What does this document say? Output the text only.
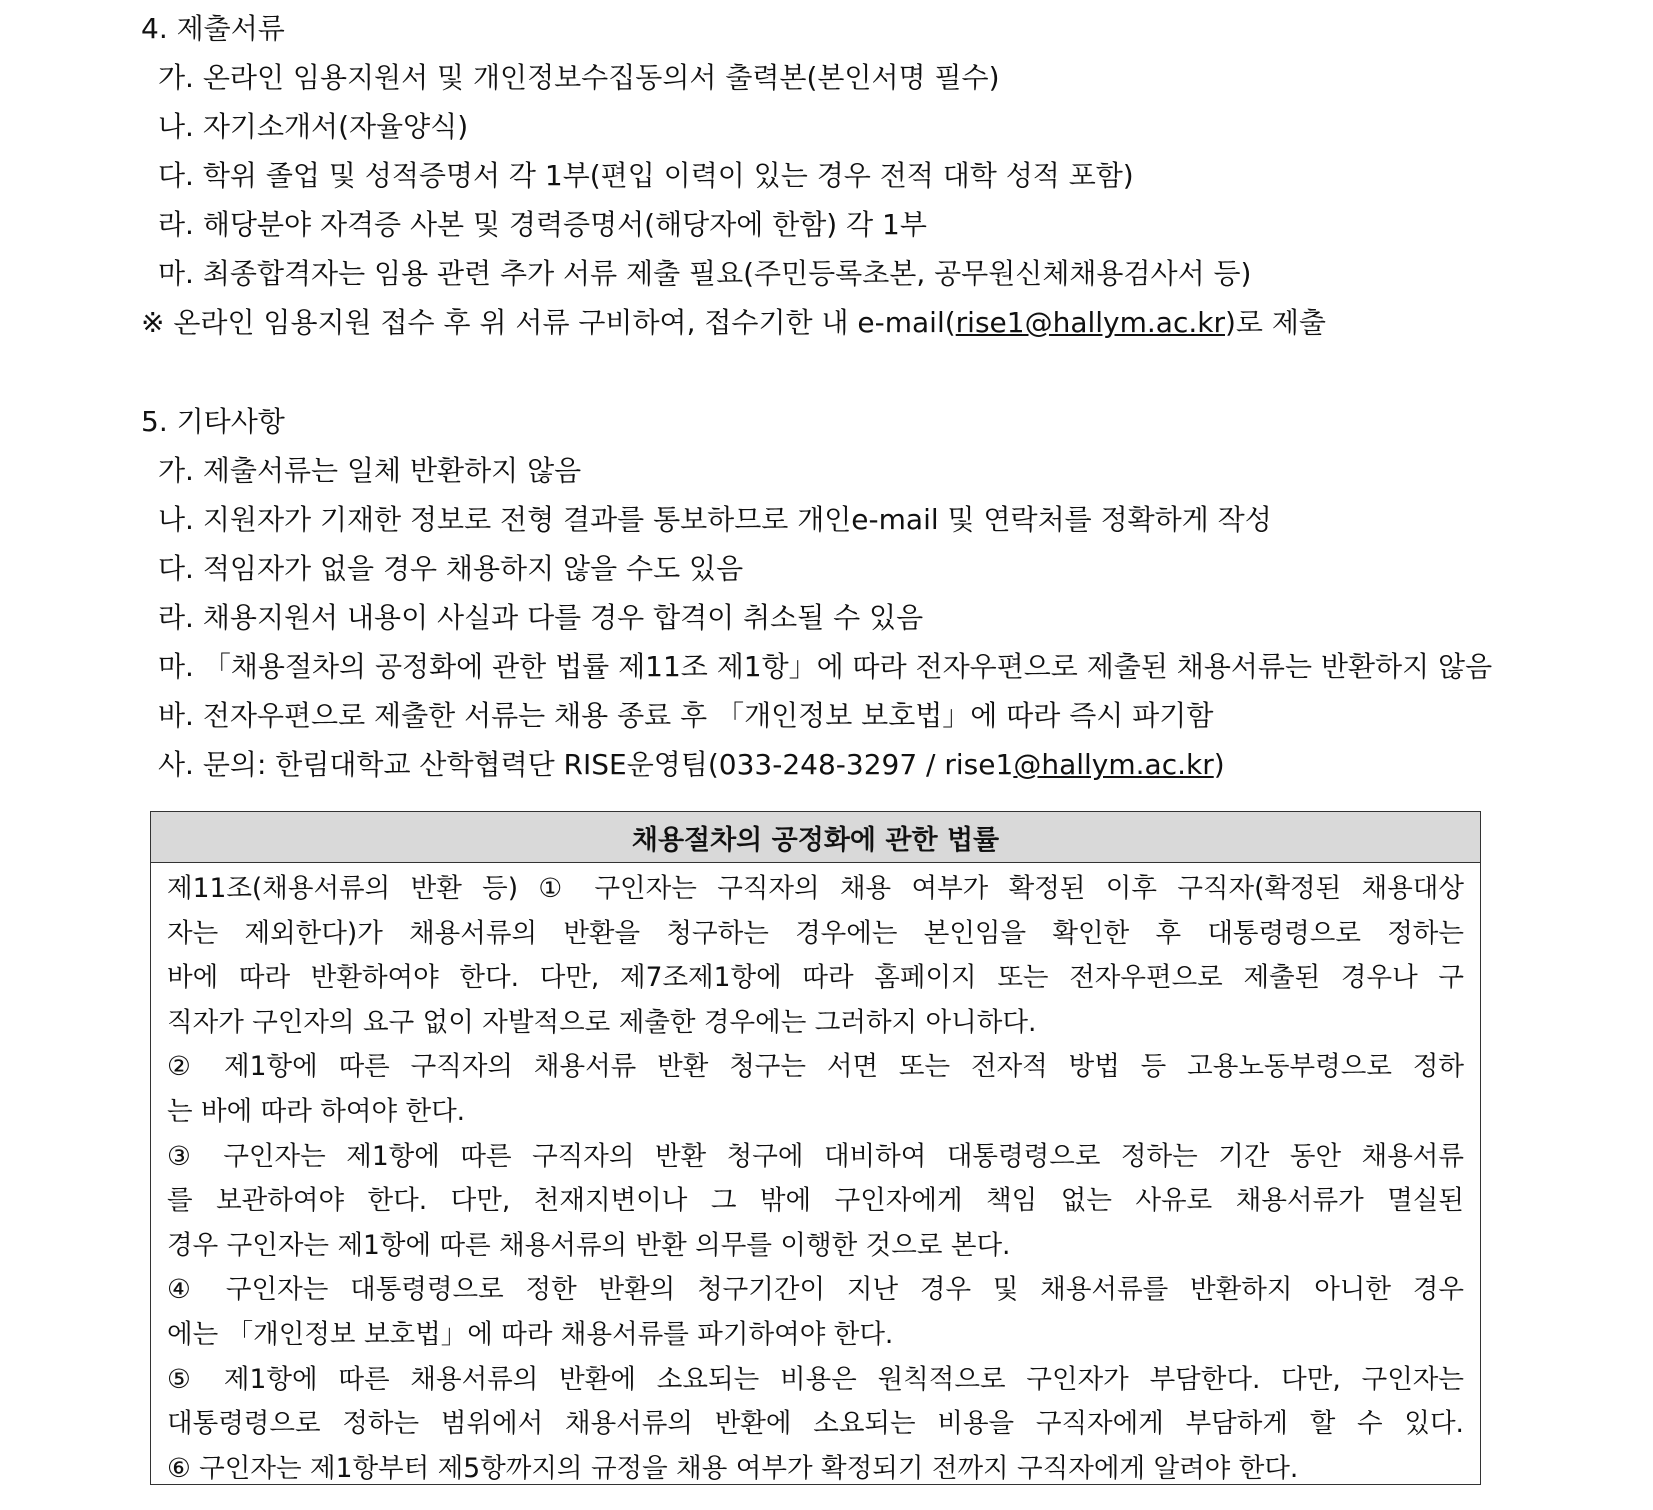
4. 제출서류
가. 온라인 임용지원서 및 개인정보수집동의서 출력본(본인서명 필수)
나. 자기소개서(자율양식)
다. 학위 졸업 및 성적증명서 각 1부(편입 이력이 있는 경우 전적 대학 성적 포함)
라. 해당분야 자격증 사본 및 경력증명서(해당자에 한함) 각 1부
마. 최종합격자는 임용 관련 추가 서류 제출 필요(주민등록초본, 공무원신체채용검사서 등)
※ 온라인 임용지원 접수 후 위 서류 구비하여, 접수기한 내 e-mail(rise1@hallym.ac.kr)로 제출
5. 기타사항
가. 제출서류는 일체 반환하지 않음
나. 지원자가 기재한 정보로 전형 결과를 통보하므로 개인e-mail 및 연락처를 정확하게 작성
다. 적임자가 없을 경우 채용하지 않을 수도 있음
라. 채용지원서 내용이 사실과 다를 경우 합격이 취소될 수 있음
마. 「채용절차의 공정화에 관한 법률 제11조 제1항」에 따라 전자우편으로 제출된 채용서류는 반환하지 않음
바. 전자우편으로 제출한 서류는 채용 종료 후 「개인정보 보호법」에 따라 즉시 파기함
사. 문의: 한림대학교 산학협력단 RISE운영팀(033-248-3297 / rise1@hallym.ac.kr)
채용절차의 공정화에 관한 법률
제11조(채용서류의 반환 등) ① 구인자는 구직자의 채용 여부가 확정된 이후 구직자(확정된 채용대상
자는 제외한다)가 채용서류의 반환을 청구하는 경우에는 본인임을 확인한 후 대통령령으로 정하는
바에 따라 반환하여야 한다. 다만, 제7조제1항에 따라 홈페이지 또는 전자우편으로 제출된 경우나 구
직자가 구인자의 요구 없이 자발적으로 제출한 경우에는 그러하지 아니하다.
② 제1항에 따른 구직자의 채용서류 반환 청구는 서면 또는 전자적 방법 등 고용노동부령으로 정하
는 바에 따라 하여야 한다.
③ 구인자는 제1항에 따른 구직자의 반환 청구에 대비하여 대통령령으로 정하는 기간 동안 채용서류
를 보관하여야 한다. 다만, 천재지변이나 그 밖에 구인자에게 책임 없는 사유로 채용서류가 멸실된
경우 구인자는 제1항에 따른 채용서류의 반환 의무를 이행한 것으로 본다.
④ 구인자는 대통령령으로 정한 반환의 청구기간이 지난 경우 및 채용서류를 반환하지 아니한 경우
에는 「개인정보 보호법」에 따라 채용서류를 파기하여야 한다.
⑤ 제1항에 따른 채용서류의 반환에 소요되는 비용은 원칙적으로 구인자가 부담한다. 다만, 구인자는
대통령령으로 정하는 범위에서 채용서류의 반환에 소요되는 비용을 구직자에게 부담하게 할 수 있다.
⑥ 구인자는 제1항부터 제5항까지의 규정을 채용 여부가 확정되기 전까지 구직자에게 알려야 한다.
